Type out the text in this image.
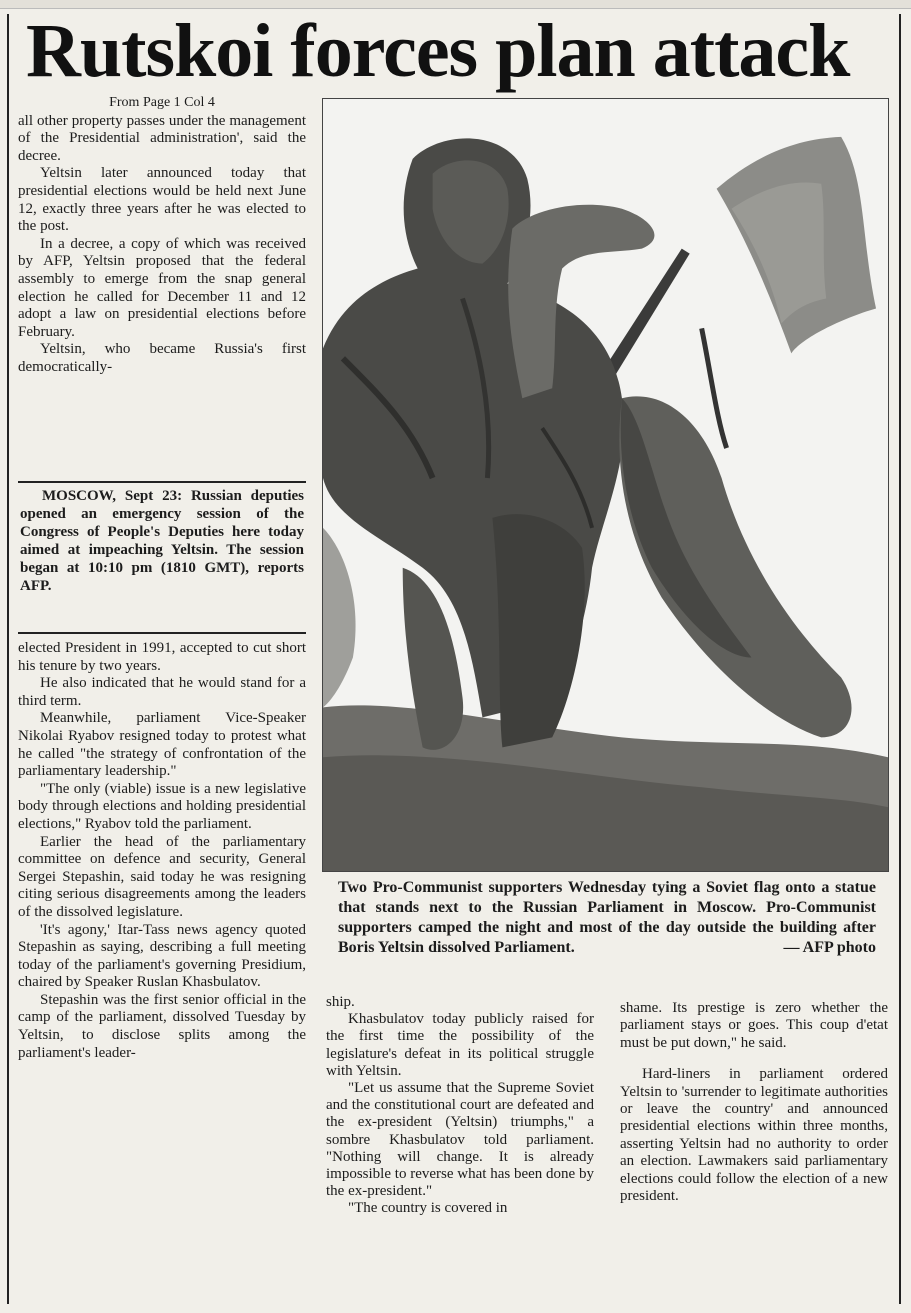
Rutskoi forces plan attack

From Page 1 Col 4

all other property passes under the management of the Presidential administration', said the decree.

Yeltsin later announced today that presidential elections would be held next June 12, exactly three years after he was elected to the post.

In a decree, a copy of which was received by AFP, Yeltsin proposed that the federal assembly to emerge from the snap general election he called for December 11 and 12 adopt a law on presidential elections before February.

Yeltsin, who became Russia's first democratically-

MOSCOW, Sept 23: Russian deputies opened an emergency session of the Congress of People's Deputies here today aimed at impeaching Yeltsin. The session began at 10:10 pm (1810 GMT), reports AFP.

elected President in 1991, accepted to cut short his tenure by two years.

He also indicated that he would stand for a third term.

Meanwhile, parliament Vice-Speaker Nikolai Ryabov resigned today to protest what he called "the strategy of confrontation of the parliamentary leadership."

"The only (viable) issue is a new legislative body through elections and holding presidential elections," Ryabov told the parliament.

Earlier the head of the parliamentary committee on defence and security, General Sergei Stepashin, said today he was resigning citing serious disagreements among the leaders of the dissolved legislature.

'It's agony,' Itar-Tass news agency quoted Stepashin as saying, describing a full meeting today of the parliament's governing Presidium, chaired by Speaker Ruslan Khasbulatov.

Stepashin was the first senior official in the camp of the parliament, dissolved Tuesday by Yeltsin, to disclose splits among the parliament's leader-

Two Pro-Communist supporters Wednesday tying a Soviet flag onto a statue that stands next to the Russian Parliament in Moscow. Pro-Communist supporters camped the night and most of the day outside the building after Boris Yeltsin dissolved Parliament.	— AFP photo

ship.

Khasbulatov today publicly raised for the first time the possibility of the legislature's defeat in its political struggle with Yeltsin.

"Let us assume that the Supreme Soviet and the constitutional court are defeated and the ex-president (Yeltsin) triumphs," a sombre Khasbulatov told parliament. "Nothing will change. It is already impossible to reverse what has been done by the ex-president."

"The country is covered in

shame. Its prestige is zero whether the parliament stays or goes. This coup d'etat must be put down," he said.

Hard-liners in parliament ordered Yeltsin to 'surrender to legitimate authorities or leave the country' and announced presidential elections within three months, asserting Yeltsin had no authority to order an election. Lawmakers said parliamentary elections could follow the election of a new president.
